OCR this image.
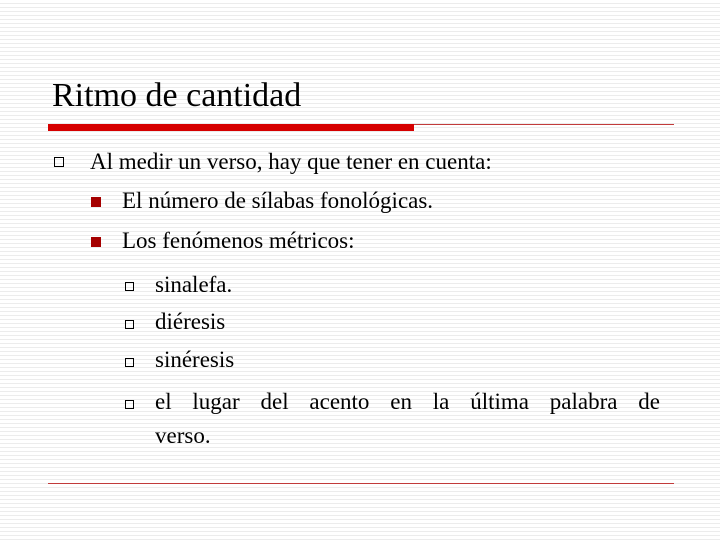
Ritmo de cantidad
Al medir un verso, hay que tener en cuenta:
El número de sílabas fonológicas.
Los fenómenos métricos:
sinalefa.
diéresis
sinéresis
el lugar del acento en la última palabra de
verso.
